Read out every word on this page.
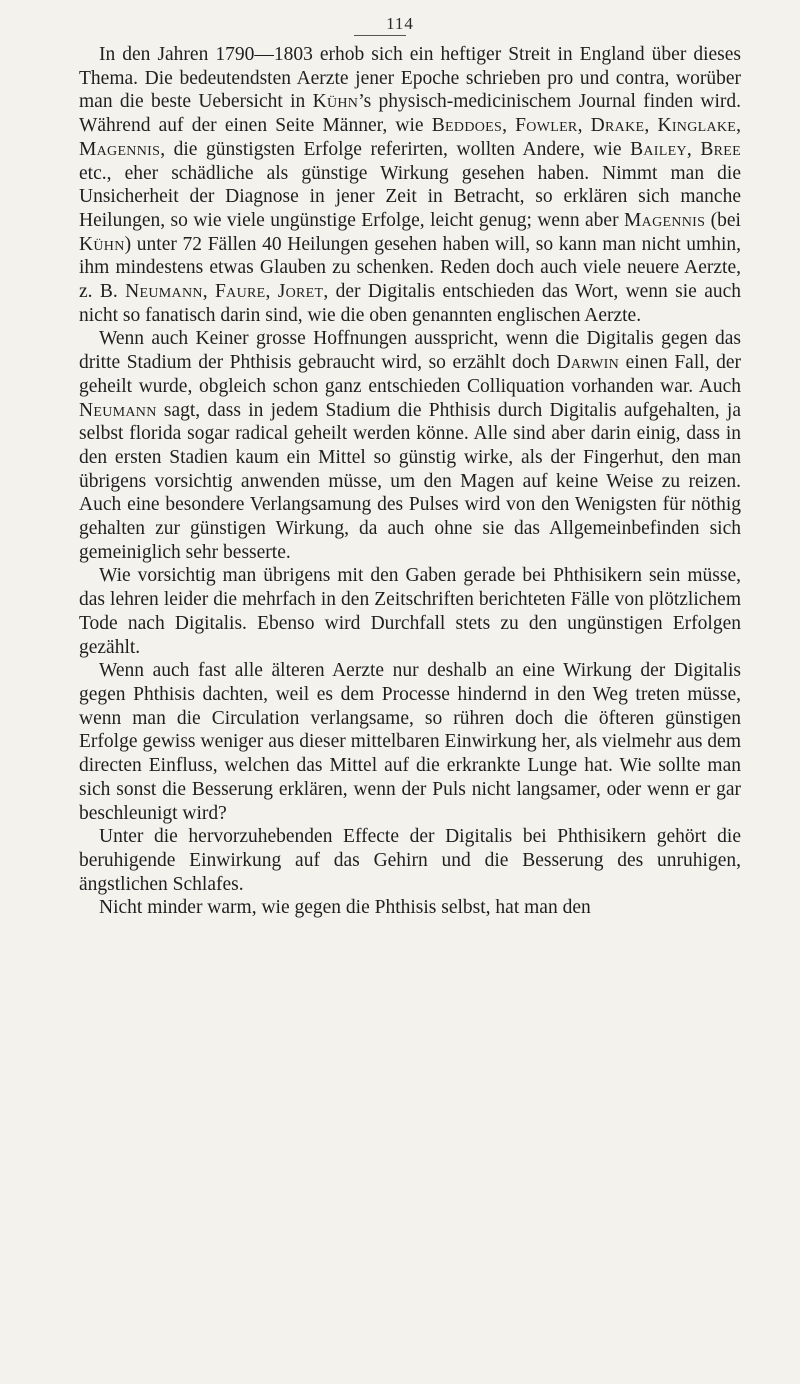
114

In den Jahren 1790—1803 erhob sich ein heftiger Streit in England über dieses Thema. Die bedeutendsten Aerzte jener Epoche schrieben pro und contra, worüber man die beste Uebersicht in Kühn’s physisch-medicinischem Journal finden wird. Während auf der einen Seite Männer, wie Beddoes, Fowler, Drake, Kinglake, Magennis, die günstigsten Erfolge referirten, wollten Andere, wie Bailey, Bree etc., eher schädliche als günstige Wirkung gesehen haben. Nimmt man die Unsicherheit der Diagnose in jener Zeit in Betracht, so erklären sich manche Heilungen, so wie viele ungünstige Erfolge, leicht genug; wenn aber Magennis (bei Kühn) unter 72 Fällen 40 Heilungen gesehen haben will, so kann man nicht umhin, ihm mindestens etwas Glauben zu schenken. Reden doch auch viele neuere Aerzte, z. B. Neumann, Faure, Joret, der Digitalis entschieden das Wort, wenn sie auch nicht so fanatisch darin sind, wie die oben genannten englischen Aerzte.

Wenn auch Keiner grosse Hoffnungen ausspricht, wenn die Digitalis gegen das dritte Stadium der Phthisis gebraucht wird, so erzählt doch Darwin einen Fall, der geheilt wurde, obgleich schon ganz entschieden Colliquation vorhanden war. Auch Neumann sagt, dass in jedem Stadium die Phthisis durch Digitalis aufgehalten, ja selbst florida sogar radical geheilt werden könne. Alle sind aber darin einig, dass in den ersten Stadien kaum ein Mittel so günstig wirke, als der Fingerhut, den man übrigens vorsichtig anwenden müsse, um den Magen auf keine Weise zu reizen. Auch eine besondere Verlangsamung des Pulses wird von den Wenigsten für nöthig gehalten zur günstigen Wirkung, da auch ohne sie das Allgemeinbefinden sich gemeiniglich sehr besserte.

Wie vorsichtig man übrigens mit den Gaben gerade bei Phthisikern sein müsse, das lehren leider die mehrfach in den Zeitschriften berichteten Fälle von plötzlichem Tode nach Digitalis. Ebenso wird Durchfall stets zu den ungünstigen Erfolgen gezählt.

Wenn auch fast alle älteren Aerzte nur deshalb an eine Wirkung der Digitalis gegen Phthisis dachten, weil es dem Processe hindernd in den Weg treten müsse, wenn man die Circulation verlangsame, so rühren doch die öfteren günstigen Erfolge gewiss weniger aus dieser mittelbaren Einwirkung her, als vielmehr aus dem directen Einfluss, welchen das Mittel auf die erkrankte Lunge hat. Wie sollte man sich sonst die Besserung erklären, wenn der Puls nicht langsamer, oder wenn er gar beschleunigt wird?

Unter die hervorzuhebenden Effecte der Digitalis bei Phthisikern gehört die beruhigende Einwirkung auf das Gehirn und die Besserung des unruhigen, ängstlichen Schlafes.

Nicht minder warm, wie gegen die Phthisis selbst, hat man den
